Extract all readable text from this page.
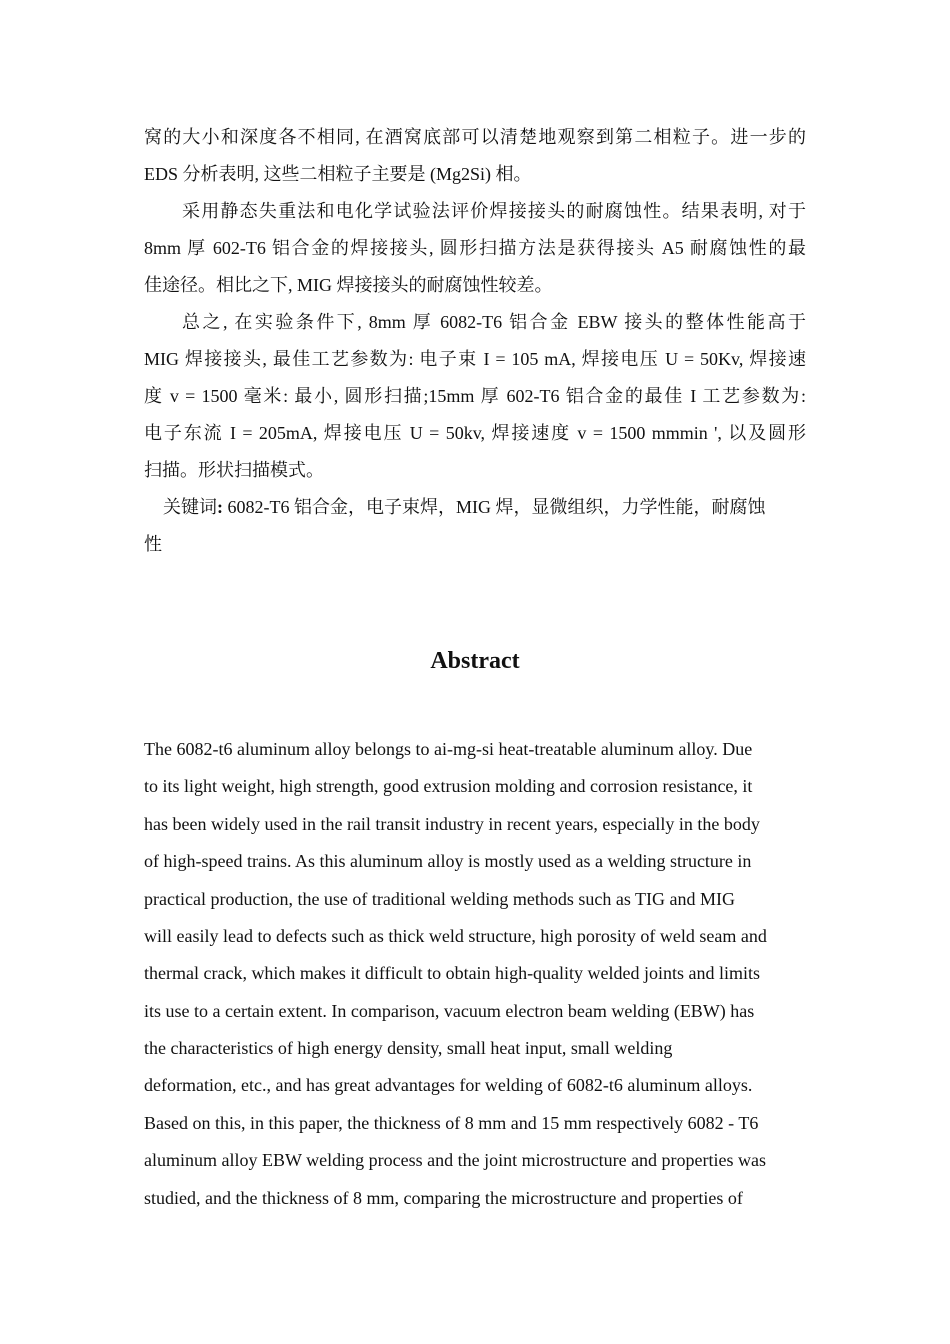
窝的大小和深度各不相同, 在酒窝底部可以清楚地观察到第二相粒子。进一步的
EDS 分析表明, 这些二相粒子主要是 (Mg2Si) 相。
采用静态失重法和电化学试验法评价焊接接头的耐腐蚀性。结果表明, 对于
8mm 厚 602-T6 铝合金的焊接接头, 圆形扫描方法是获得接头 A5 耐腐蚀性的最
佳途径。相比之下, MIG 焊接接头的耐腐蚀性较差。
总之, 在实验条件下, 8mm 厚 6082-T6 铝合金 EBW 接头的整体性能高于
MIG 焊接接头, 最佳工艺参数为: 电子束 I = 105 mA, 焊接电压 U = 50Kv, 焊接速
度 v = 1500 毫米: 最小, 圆形扫描;15mm 厚 602-T6 铝合金的最佳 I 工艺参数为:
电子东流 I = 205mA, 焊接电压 U = 50kv, 焊接速度 v = 1500 mmmin ', 以及圆形
扫描。形状扫描模式。
关键词: 6082-T6 铝合金，电子束焊，MIG 焊，显微组织，力学性能，耐腐蚀
性
Abstract
The 6082-t6 aluminum alloy belongs to ai-mg-si heat-treatable aluminum alloy. Due
to its light weight, high strength, good extrusion molding and corrosion resistance, it
has been widely used in the rail transit industry in recent years, especially in the body
of high-speed trains. As this aluminum alloy is mostly used as a welding structure in
practical production, the use of traditional welding methods such as TIG and MIG
will easily lead to defects such as thick weld structure, high porosity of weld seam and
thermal crack, which makes it difficult to obtain high-quality welded joints and limits
its use to a certain extent. In comparison, vacuum electron beam welding (EBW) has
the characteristics of high energy density, small heat input, small welding
deformation, etc., and has great advantages for welding of 6082-t6 aluminum alloys.
Based on this, in this paper, the thickness of 8 mm and 15 mm respectively 6082 - T6
aluminum alloy EBW welding process and the joint microstructure and properties was
studied, and the thickness of 8 mm, comparing the microstructure and properties of
